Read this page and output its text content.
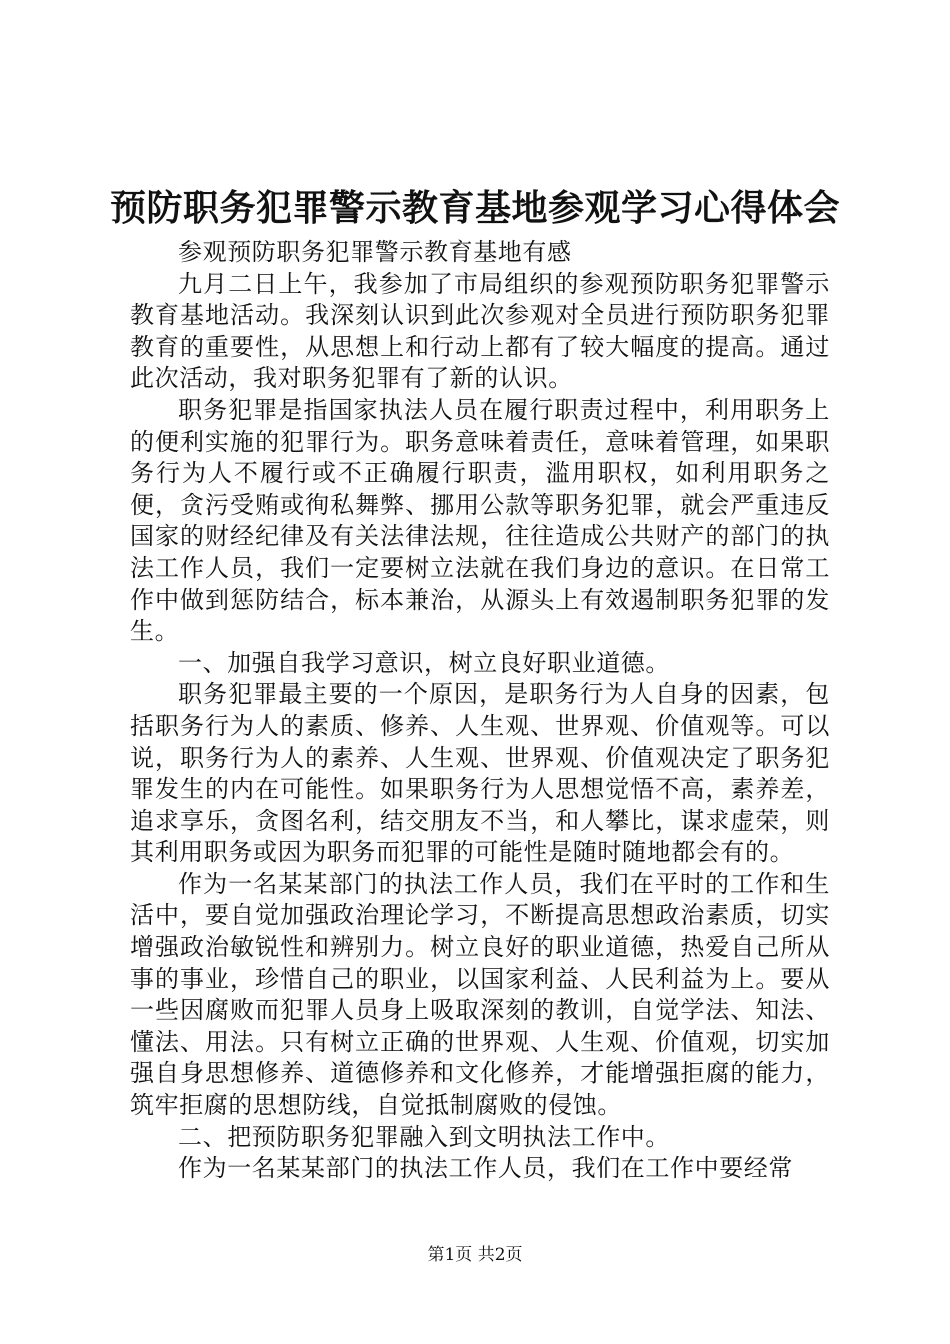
预防职务犯罪警示教育基地参观学习心得体会

参观预防职务犯罪警示教育基地有感

九月二日上午，我参加了市局组织的参观预防职务犯罪警示教育基地活动。我深刻认识到此次参观对全员进行预防职务犯罪教育的重要性，从思想上和行动上都有了较大幅度的提高。通过此次活动，我对职务犯罪有了新的认识。

职务犯罪是指国家执法人员在履行职责过程中，利用职务上的便利实施的犯罪行为。职务意味着责任，意味着管理，如果职务行为人不履行或不正确履行职责，滥用职权，如利用职务之便，贪污受贿或徇私舞弊、挪用公款等职务犯罪，就会严重违反国家的财经纪律及有关法律法规，往往造成公共财产的部门的执法工作人员，我们一定要树立法就在我们身边的意识。在日常工作中做到惩防结合，标本兼治，从源头上有效遏制职务犯罪的发生。

一、加强自我学习意识，树立良好职业道德。

职务犯罪最主要的一个原因，是职务行为人自身的因素，包括职务行为人的素质、修养、人生观、世界观、价值观等。可以说，职务行为人的素养、人生观、世界观、价值观决定了职务犯罪发生的内在可能性。如果职务行为人思想觉悟不高，素养差，追求享乐，贪图名利，结交朋友不当，和人攀比，谋求虚荣，则其利用职务或因为职务而犯罪的可能性是随时随地都会有的。

作为一名某某部门的执法工作人员，我们在平时的工作和生活中，要自觉加强政治理论学习，不断提高思想政治素质，切实增强政治敏锐性和辨别力。树立良好的职业道德，热爱自己所从事的事业，珍惜自己的职业，以国家利益、人民利益为上。要从一些因腐败而犯罪人员身上吸取深刻的教训，自觉学法、知法、懂法、用法。只有树立正确的世界观、人生观、价值观，切实加强自身思想修养、道德修养和文化修养，才能增强拒腐的能力，筑牢拒腐的思想防线，自觉抵制腐败的侵蚀。

二、把预防职务犯罪融入到文明执法工作中。

作为一名某某部门的执法工作人员，我们在工作中要经常

第1页 共2页
